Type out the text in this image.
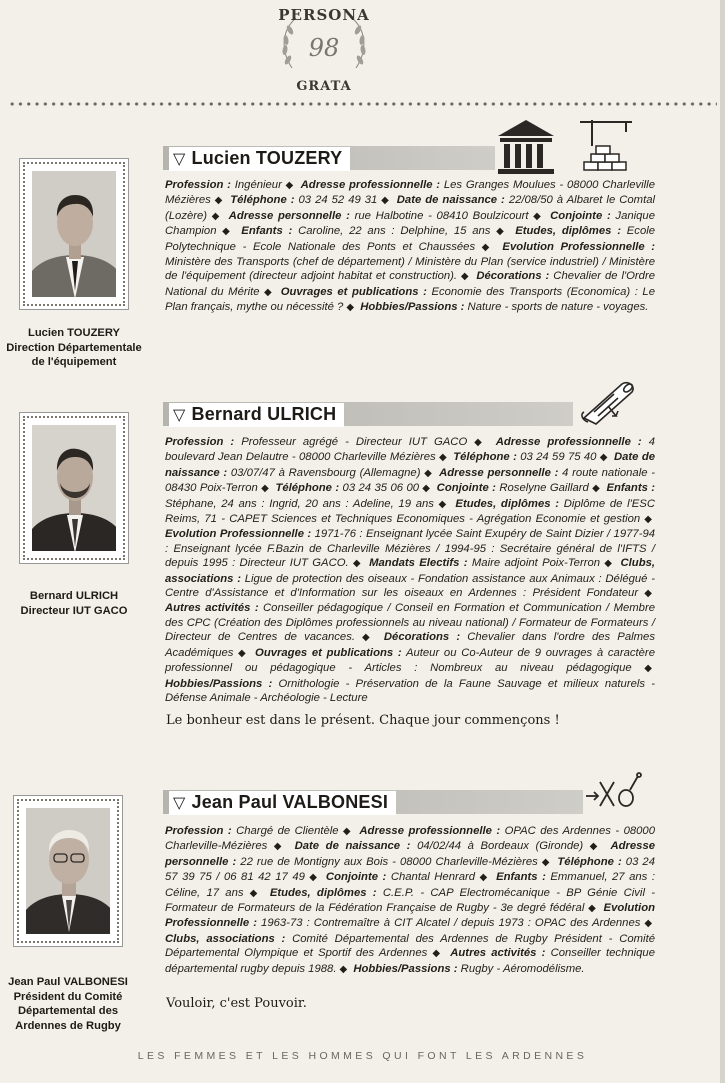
PERSONA
98
GRATA
Lucien TOUZERY
Direction Départementale
de l'équipement
▽ Lucien TOUZERY
Profession : Ingénieur ◆ Adresse professionnelle : Les Granges Moulues - 08000 Charleville Mézières ◆ Téléphone : 03 24 52 49 31 ◆ Date de naissance : 22/08/50 à Albaret le Comtal (Lozère) ◆ Adresse personnelle : rue Halbotine - 08410 Boulzicourt ◆ Conjointe : Janique Champion ◆ Enfants : Caroline, 22 ans : Delphine, 15 ans ◆ Etudes, diplômes : Ecole Polytechnique - Ecole Nationale des Ponts et Chaussées ◆ Evolution Professionnelle : Ministère des Transports (chef de département) / Ministère du Plan (service industriel) / Ministère de l'équipement (directeur adjoint habitat et construction). ◆ Décorations : Chevalier de l'Ordre National du Mérite ◆ Ouvrages et publications : Economie des Transports (Economica) : Le Plan français, mythe ou nécessité ? ◆ Hobbies/Passions : Nature - sports de nature - voyages.
Bernard ULRICH
Directeur IUT GACO
▽ Bernard ULRICH
Profession : Professeur agrégé - Directeur IUT GACO ◆ Adresse professionnelle : 4 boulevard Jean Delautre - 08000 Charleville Mézières ◆ Téléphone : 03 24 59 75 40 ◆ Date de naissance : 03/07/47 à Ravensbourg (Allemagne) ◆ Adresse personnelle : 4 route nationale - 08430 Poix-Terron ◆ Téléphone : 03 24 35 06 00 ◆ Conjointe : Roselyne Gaillard ◆ Enfants : Stéphane, 24 ans : Ingrid, 20 ans : Adeline, 19 ans ◆ Etudes, diplômes : Diplôme de l'ESC Reims, 71 - CAPET Sciences et Techniques Economiques - Agrégation Economie et gestion ◆ Evolution Professionnelle : 1971-76 : Enseignant lycée Saint Exupéry de Saint Dizier / 1977-94 : Enseignant lycée F.Bazin de Charleville Mézières / 1994-95 : Secrétaire général de l'IFTS / depuis 1995 : Directeur IUT GACO. ◆ Mandats Electifs : Maire adjoint Poix-Terron ◆ Clubs, associations : Ligue de protection des oiseaux - Fondation assistance aux Animaux : Délégué - Centre d'Assistance et d'Information sur les oiseaux en Ardennes : Président Fondateur ◆ Autres activités : Conseiller pédagogique / Conseil en Formation et Communication / Membre des CPC (Création des Diplômes professionnels au niveau national) / Formateur de Formateurs / Directeur de Centres de vacances. ◆ Décorations : Chevalier dans l'ordre des Palmes Académiques ◆ Ouvrages et publications : Auteur ou Co-Auteur de 9 ouvrages à caractère professionnel ou pédagogique - Articles : Nombreux au niveau pédagogique ◆ Hobbies/Passions : Ornithologie - Préservation de la Faune Sauvage et milieux naturels - Défense Animale - Archéologie - Lecture
Le bonheur est dans le présent. Chaque jour commençons !
Jean Paul VALBONESI
Président du Comité
Départemental des
Ardennes de Rugby
▽ Jean Paul VALBONESI
Profession : Chargé de Clientèle ◆ Adresse professionnelle : OPAC des Ardennes - 08000 Charleville-Mézières ◆ Date de naissance : 04/02/44 à Bordeaux (Gironde) ◆ Adresse personnelle : 22 rue de Montigny aux Bois - 08000 Charleville-Mézières ◆ Téléphone : 03 24 57 39 75 / 06 81 42 17 49 ◆ Conjointe : Chantal Henrard ◆ Enfants : Emmanuel, 27 ans : Céline, 17 ans ◆ Etudes, diplômes : C.E.P. - CAP Electromécanique - BP Génie Civil - Formateur de Formateurs de la Fédération Française de Rugby - 3e degré fédéral ◆ Evolution Professionnelle : 1963-73 : Contremaître à CIT Alcatel / depuis 1973 : OPAC des Ardennes ◆ Clubs, associations : Comité Départemental des Ardennes de Rugby Président - Comité Départemental Olympique et Sportif des Ardennes ◆ Autres activités : Conseiller technique départemental rugby depuis 1988. ◆ Hobbies/Passions : Rugby - Aéromodélisme.
Vouloir, c'est Pouvoir.
LES FEMMES ET LES HOMMES QUI FONT LES ARDENNES
